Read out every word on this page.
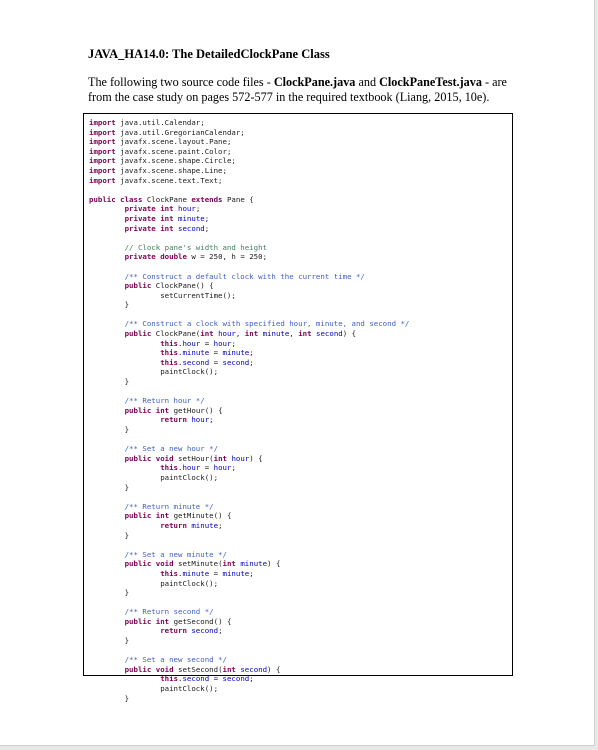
JAVA_HA14.0: The DetailedClockPane Class
The following two source code files - ClockPane.java and ClockPaneTest.java - are from the case study on pages 572-577 in the required textbook (Liang, 2015, 10e).
import java.util.Calendar;
import java.util.GregorianCalendar;
import javafx.scene.layout.Pane;
import javafx.scene.paint.Color;
import javafx.scene.shape.Circle;
import javafx.scene.shape.Line;
import javafx.scene.text.Text;
public class ClockPane extends Pane {
private int hour;
private int minute;
private int second;
// Clock pane's width and height
private double w = 250, h = 250;
/** Construct a default clock with the current time */
public ClockPane() {
setCurrentTime();
}
/** Construct a clock with specified hour, minute, and second */
public ClockPane(int hour, int minute, int second) {
this.hour = hour;
this.minute = minute;
this.second = second;
paintClock();
}
/** Return hour */
public int getHour() {
return hour;
}
/** Set a new hour */
public void setHour(int hour) {
this.hour = hour;
paintClock();
}
/** Return minute */
public int getMinute() {
return minute;
}
/** Set a new minute */
public void setMinute(int minute) {
this.minute = minute;
paintClock();
}
/** Return second */
public int getSecond() {
return second;
}
/** Set a new second */
public void setSecond(int second) {
this.second = second;
paintClock();
}
